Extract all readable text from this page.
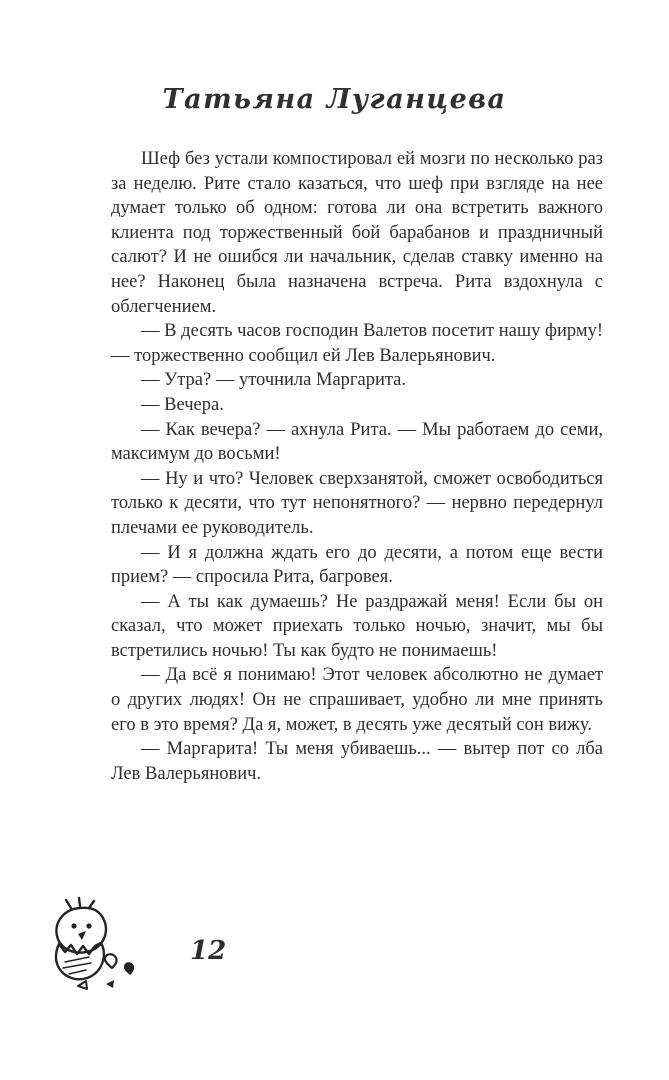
Татьяна Луганцева

Шеф без устали компостировал ей мозги по несколько раз за неделю. Рите стало казаться, что шеф при взгляде на нее думает только об одном: готова ли она встретить важного клиента под торжественный бой барабанов и праздничный салют? И не ошибся ли начальник, сделав ставку именно на нее? Наконец была назначена встреча. Рита вздохнула с облегчением.

— В десять часов господин Валетов посетит нашу фирму! — торжественно сообщил ей Лев Валерьянович.

— Утра? — уточнила Маргарита.

— Вечера.

— Как вечера? — ахнула Рита. — Мы работаем до семи, максимум до восьми!

— Ну и что? Человек сверхзанятой, сможет освободиться только к десяти, что тут непонятного? — нервно передернул плечами ее руководитель.

— И я должна ждать его до десяти, а потом еще вести прием? — спросила Рита, багровея.

— А ты как думаешь? Не раздражай меня! Если бы он сказал, что может приехать только ночью, значит, мы бы встретились ночью! Ты как будто не понимаешь!

— Да всё я понимаю! Этот человек абсолютно не думает о других людях! Он не спрашивает, удобно ли мне принять его в это время? Да я, может, в десять уже десятый сон вижу.

— Маргарита! Ты меня убиваешь... — вытер пот со лба Лев Валерьянович.

12
